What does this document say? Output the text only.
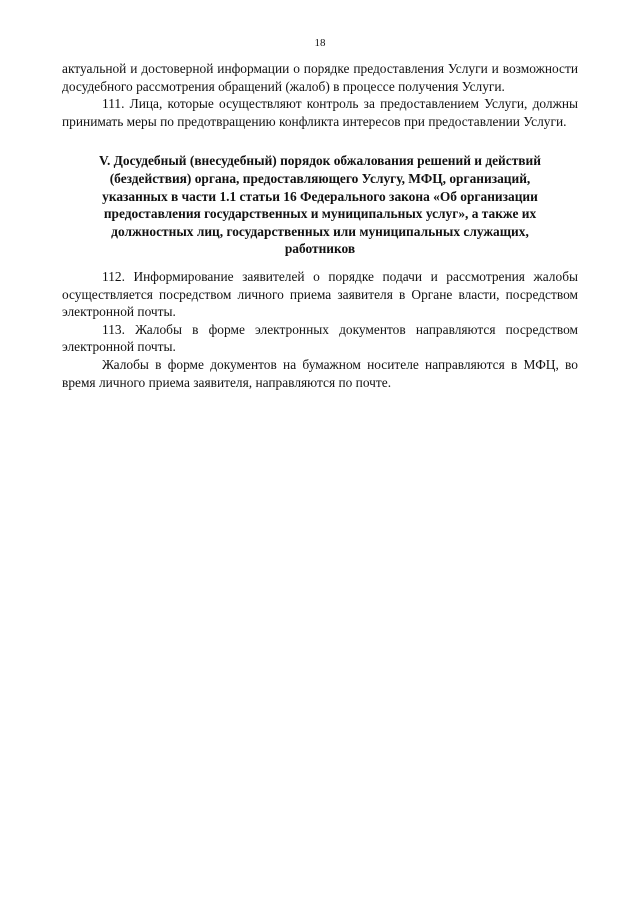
18

актуальной и достоверной информации о порядке предоставления Услуги и возможности досудебного рассмотрения обращений (жалоб) в процессе получения Услуги.

111. Лица, которые осуществляют контроль за предоставлением Услуги, должны принимать меры по предотвращению конфликта интересов при предоставлении Услуги.

V. Досудебный (внесудебный) порядок обжалования решений и действий (бездействия) органа, предоставляющего Услугу, МФЦ, организаций, указанных в части 1.1 статьи 16 Федерального закона «Об организации предоставления государственных и муниципальных услуг», а также их должностных лиц, государственных или муниципальных служащих, работников

112. Информирование заявителей о порядке подачи и рассмотрения жалобы осуществляется посредством личного приема заявителя в Органе власти, посредством электронной почты.

113. Жалобы в форме электронных документов направляются посредством электронной почты.

Жалобы в форме документов на бумажном носителе направляются в МФЦ, во время личного приема заявителя, направляются по почте.
